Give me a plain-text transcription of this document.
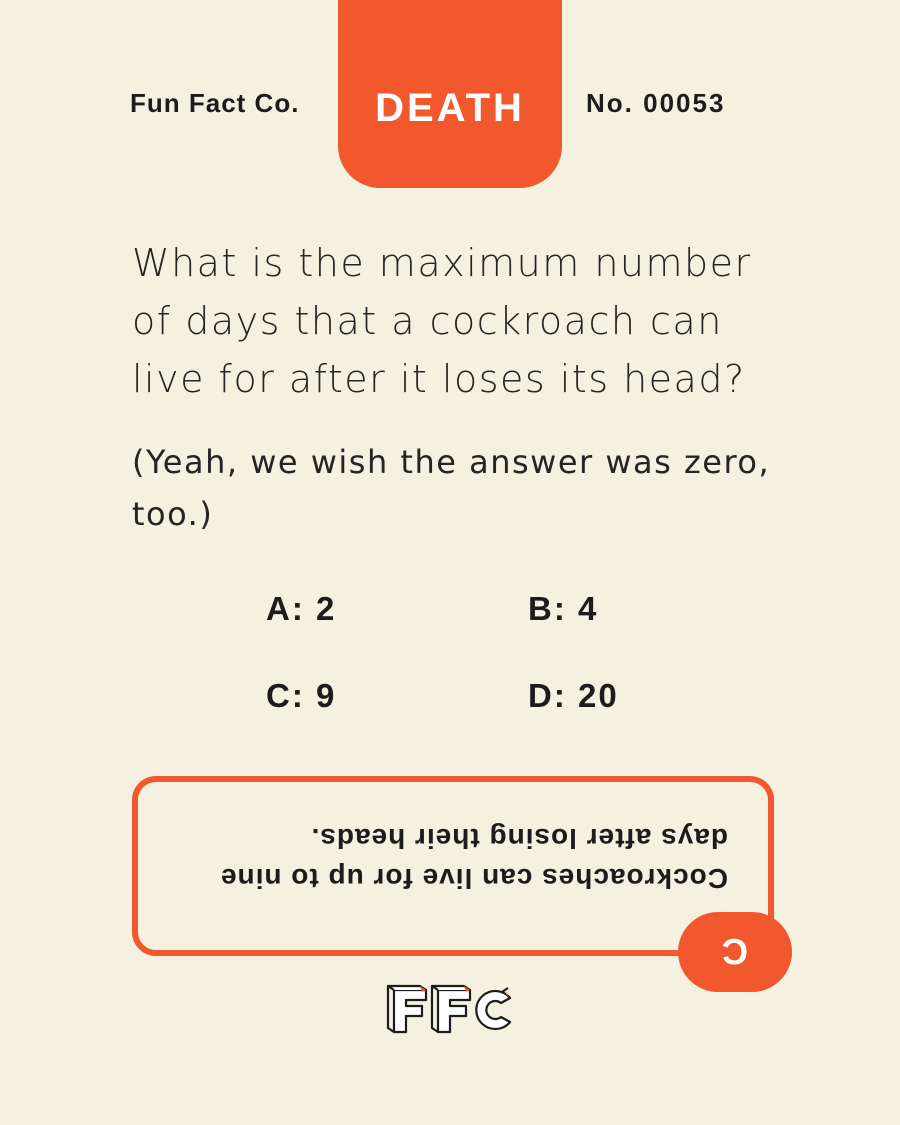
Fun Fact Co.	DEATH	No. 00053
What is the maximum number of days that a cockroach can live for after it loses its head?
(Yeah, we wish the answer was zero, too.)
A: 2	B: 4
C: 9	D: 20
Cockroaches can live for up to nine days after losing their heads.
C
